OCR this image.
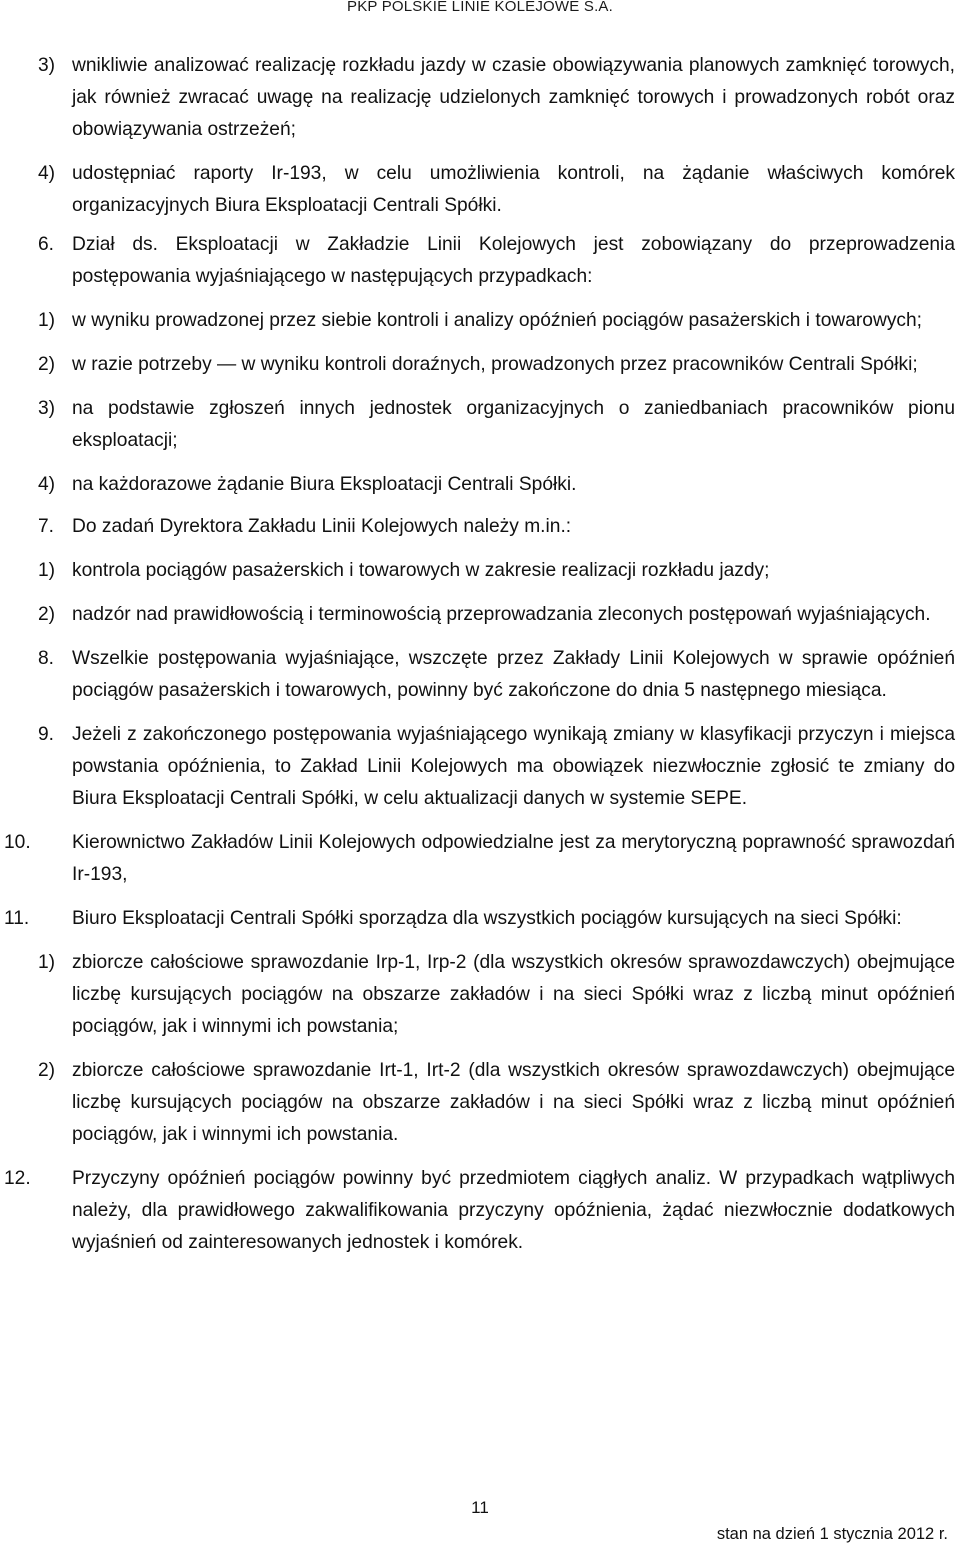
PKP POLSKIE LINIE KOLEJOWE S.A.
3) wnikliwie analizować realizację rozkładu jazdy w czasie obowiązywania planowych zamknięć torowych, jak również zwracać uwagę na realizację udzielonych zamknięć torowych i prowadzonych robót oraz obowiązywania ostrzeżeń;
4) udostępniać raporty Ir-193, w celu umożliwienia kontroli, na żądanie właściwych komórek organizacyjnych Biura Eksploatacji Centrali Spółki.
6. Dział ds. Eksploatacji w Zakładzie Linii Kolejowych jest zobowiązany do przeprowadzenia postępowania wyjaśniającego w następujących przypadkach:
1) w wyniku prowadzonej przez siebie kontroli i analizy opóźnień pociągów pasażerskich i towarowych;
2) w razie potrzeby ― w wyniku kontroli doraźnych, prowadzonych przez pracowników Centrali Spółki;
3) na podstawie zgłoszeń innych jednostek organizacyjnych o zaniedbaniach pracowników pionu eksploatacji;
4) na każdorazowe żądanie Biura Eksploatacji Centrali Spółki.
7. Do zadań Dyrektora Zakładu Linii Kolejowych należy m.in.:
1) kontrola pociągów pasażerskich i towarowych w zakresie realizacji rozkładu jazdy;
2) nadzór nad prawidłowością i terminowością przeprowadzania zleconych postępowań wyjaśniających.
8. Wszelkie postępowania wyjaśniające, wszczęte przez Zakłady Linii Kolejowych w sprawie opóźnień pociągów pasażerskich i towarowych, powinny być zakończone do dnia 5 następnego miesiąca.
9. Jeżeli z zakończonego postępowania wyjaśniającego wynikają zmiany w klasyfikacji przyczyn i miejsca powstania opóźnienia, to Zakład Linii Kolejowych ma obowiązek niezwłocznie zgłosić te zmiany do Biura Eksploatacji Centrali Spółki, w celu aktualizacji danych w systemie SEPE.
10.	Kierownictwo Zakładów Linii Kolejowych odpowiedzialne jest za merytoryczną poprawność sprawozdań Ir-193,
11.	Biuro Eksploatacji Centrali Spółki sporządza dla wszystkich pociągów kursujących na sieci Spółki:
1) zbiorcze całościowe sprawozdanie Irp-1, Irp-2 (dla wszystkich okresów sprawozdawczych) obejmujące liczbę kursujących pociągów na obszarze zakładów i na sieci Spółki wraz z liczbą minut opóźnień pociągów, jak i winnymi ich powstania;
2) zbiorcze całościowe sprawozdanie Irt-1, Irt-2 (dla wszystkich okresów sprawozdawczych) obejmujące liczbę kursujących pociągów na obszarze zakładów i na sieci Spółki wraz z liczbą minut opóźnień pociągów, jak i winnymi ich powstania.
12.	Przyczyny opóźnień pociągów powinny być przedmiotem ciągłych analiz. W przypadkach wątpliwych należy, dla prawidłowego zakwalifikowania przyczyny opóźnienia, żądać niezwłocznie dodatkowych wyjaśnień od zainteresowanych jednostek i komórek.
11
stan na dzień 1 stycznia 2012 r.
